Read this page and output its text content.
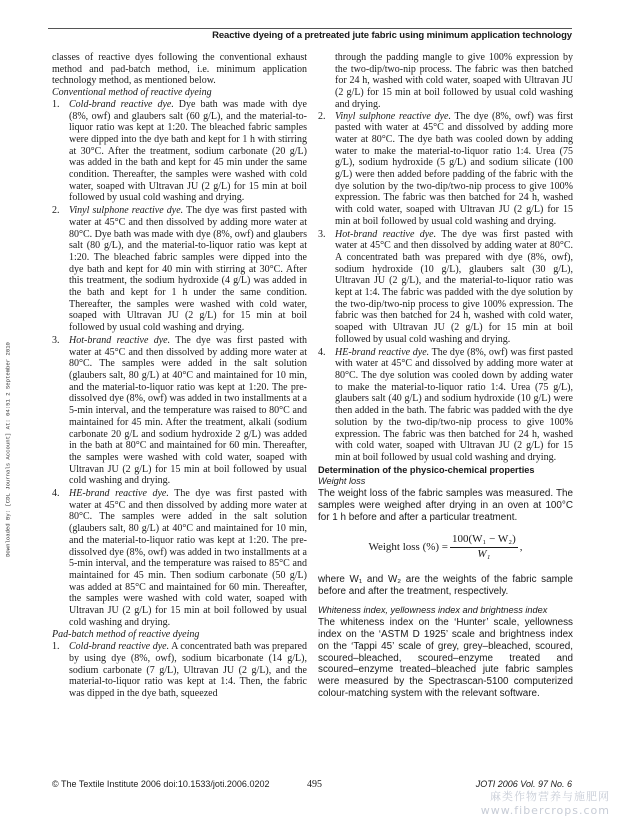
Reactive dyeing of a pretreated jute fabric using minimum application technology
Downloaded By: [CDL Journals Account] At: 04:51 2 September 2010

classes of reactive dyes following the conventional exhaust method and pad-batch method, i.e. minimum application technology method, as mentioned below.

Conventional method of reactive dyeing

1. Cold-brand reactive dye. Dye bath was made with dye (8%, owf) and glaubers salt (60 g/L), and the material-to-liquor ratio was kept at 1:20. The bleached fabric samples were dipped into the dye bath and kept for 1 h with stirring at 30°C. After the treatment, sodium carbonate (20 g/L) was added in the bath and kept for 45 min under the same condition. Thereafter, the samples were washed with cold water, soaped with Ultravan JU (2 g/L) for 15 min at boil followed by usual cold washing and drying.
2. Vinyl sulphone reactive dye. The dye was first pasted with water at 45°C and then dissolved by adding more water at 80°C. Dye bath was made with dye (8%, owf) and glaubers salt (80 g/L), and the material-to-liquor ratio was kept at 1:20. The bleached fabric samples were dipped into the dye bath and kept for 40 min with stirring at 30°C. After this treatment, the sodium hydroxide (4 g/L) was added in the bath and kept for 1 h under the same condition. Thereafter, the samples were washed with cold water, soaped with Ultravan JU (2 g/L) for 15 min at boil followed by usual cold washing and drying.
3. Hot-brand reactive dye. The dye was first pasted with water at 45°C and then dissolved by adding more water at 80°C. The samples were added in the salt solution (glaubers salt, 80 g/L) at 40°C and maintained for 10 min, and the material-to-liquor ratio was kept at 1:20. The pre-dissolved dye (8%, owf) was added in two installments at a 5-min interval, and the temperature was raised to 80°C and maintained for 45 min. After the treatment, alkali (sodium carbonate 20 g/L and sodium hydroxide 2 g/L) was added in the bath at 80°C and maintained for 60 min. Thereafter, the samples were washed with cold water, soaped with Ultravan JU (2 g/L) for 15 min at boil followed by usual cold washing and drying.
4. HE-brand reactive dye. The dye was first pasted with water at 45°C and then dissolved by adding more water at 80°C. The samples were added in the salt solution (glaubers salt, 80 g/L) at 40°C and maintained for 10 min, and the material-to-liquor ratio was kept at 1:20. The pre-dissolved dye (8%, owf) was added in two installments at a 5-min interval, and the temperature was raised to 85°C and maintained for 45 min. Then sodium carbonate (50 g/L) was added at 85°C and maintained for 60 min. Thereafter, the samples were washed with cold water, soaped with Ultravan JU (2 g/L) for 15 min at boil followed by usual cold washing and drying.

Pad-batch method of reactive dyeing

1. Cold-brand reactive dye. A concentrated bath was prepared by using dye (8%, owf), sodium bicarbonate (14 g/L), sodium carbonate (7 g/L), Ultravan JU (2 g/L), and the material-to-liquor ratio was kept at 1:4. Then, the fabric was dipped in the dye bath, squeezed

through the padding mangle to give 100% expression by the two-dip/two-nip process. The fabric was then batched for 24 h, washed with cold water, soaped with Ultravan JU (2 g/L) for 15 min at boil followed by usual cold washing and drying.

2. Vinyl sulphone reactive dye. The dye (8%, owf) was first pasted with water at 45°C and dissolved by adding more water at 80°C. The dye bath was cooled down by adding water to make the material-to-liquor ratio 1:4. Urea (75 g/L), sodium hydroxide (5 g/L) and sodium silicate (100 g/L) were then added before padding of the fabric with the dye solution by the two-dip/two-nip process to give 100% expression. The fabric was then batched for 24 h, washed with cold water, soaped with Ultravan JU (2 g/L) for 15 min at boil followed by usual cold washing and drying.
3. Hot-brand reactive dye. The dye was first pasted with water at 45°C and then dissolved by adding water at 80°C. A concentrated bath was prepared with dye (8%, owf), sodium hydroxide (10 g/L), glaubers salt (30 g/L), Ultravan JU (2 g/L), and the material-to-liquor ratio was kept at 1:4. The fabric was padded with the dye solution by the two-dip/two-nip process to give 100% expression. The fabric was then batched for 24 h, washed with cold water, soaped with Ultravan JU (2 g/L) for 15 min at boil followed by usual cold washing and drying.
4. HE-brand reactive dye. The dye (8%, owf) was first pasted with water at 45°C and dissolved by adding more water at 80°C. The dye solution was cooled down by adding water to make the material-to-liquor ratio 1:4. Urea (75 g/L), glaubers salt (40 g/L) and sodium hydroxide (10 g/L) were then added in the bath. The fabric was padded with the dye solution by the two-dip/two-nip process to give 100% expression. The fabric was then batched for 24 h, washed with cold water, soaped with Ultravan JU (2 g/L) for 15 min at boil followed by usual cold washing and drying.

Determination of the physico-chemical properties

Weight loss

The weight loss of the fabric samples was measured. The samples were weighed after drying in an oven at 100°C for 1 h before and after a particular treatment.

Weight loss (%) = $\frac{\text{100(W₁ − W₂)}}{\text{W₁}}$ ,

where W₁ and W₂ are the weights of the fabric sample before and after the treatment, respectively.

Whiteness index, yellowness index and brightness index

The whiteness index on the ‘Hunter’ scale, yellowness index on the ‘ASTM D 1925’ scale and brightness index on the ‘Tappi 45’ scale of grey, grey–bleached, scoured, scoured–bleached, scoured–enzyme treated and scoured–enzyme treated–bleached jute fabric samples were measured by the Spectrascan-5100 computerized colour-matching system with the relevant software.

© The Textile Institute 2006 doi:10.1533/joti.2006.0202	495	JOTI 2006 Vol. 97 No. 6
麻类作物营养与施肥网
www.fibercrops.com
